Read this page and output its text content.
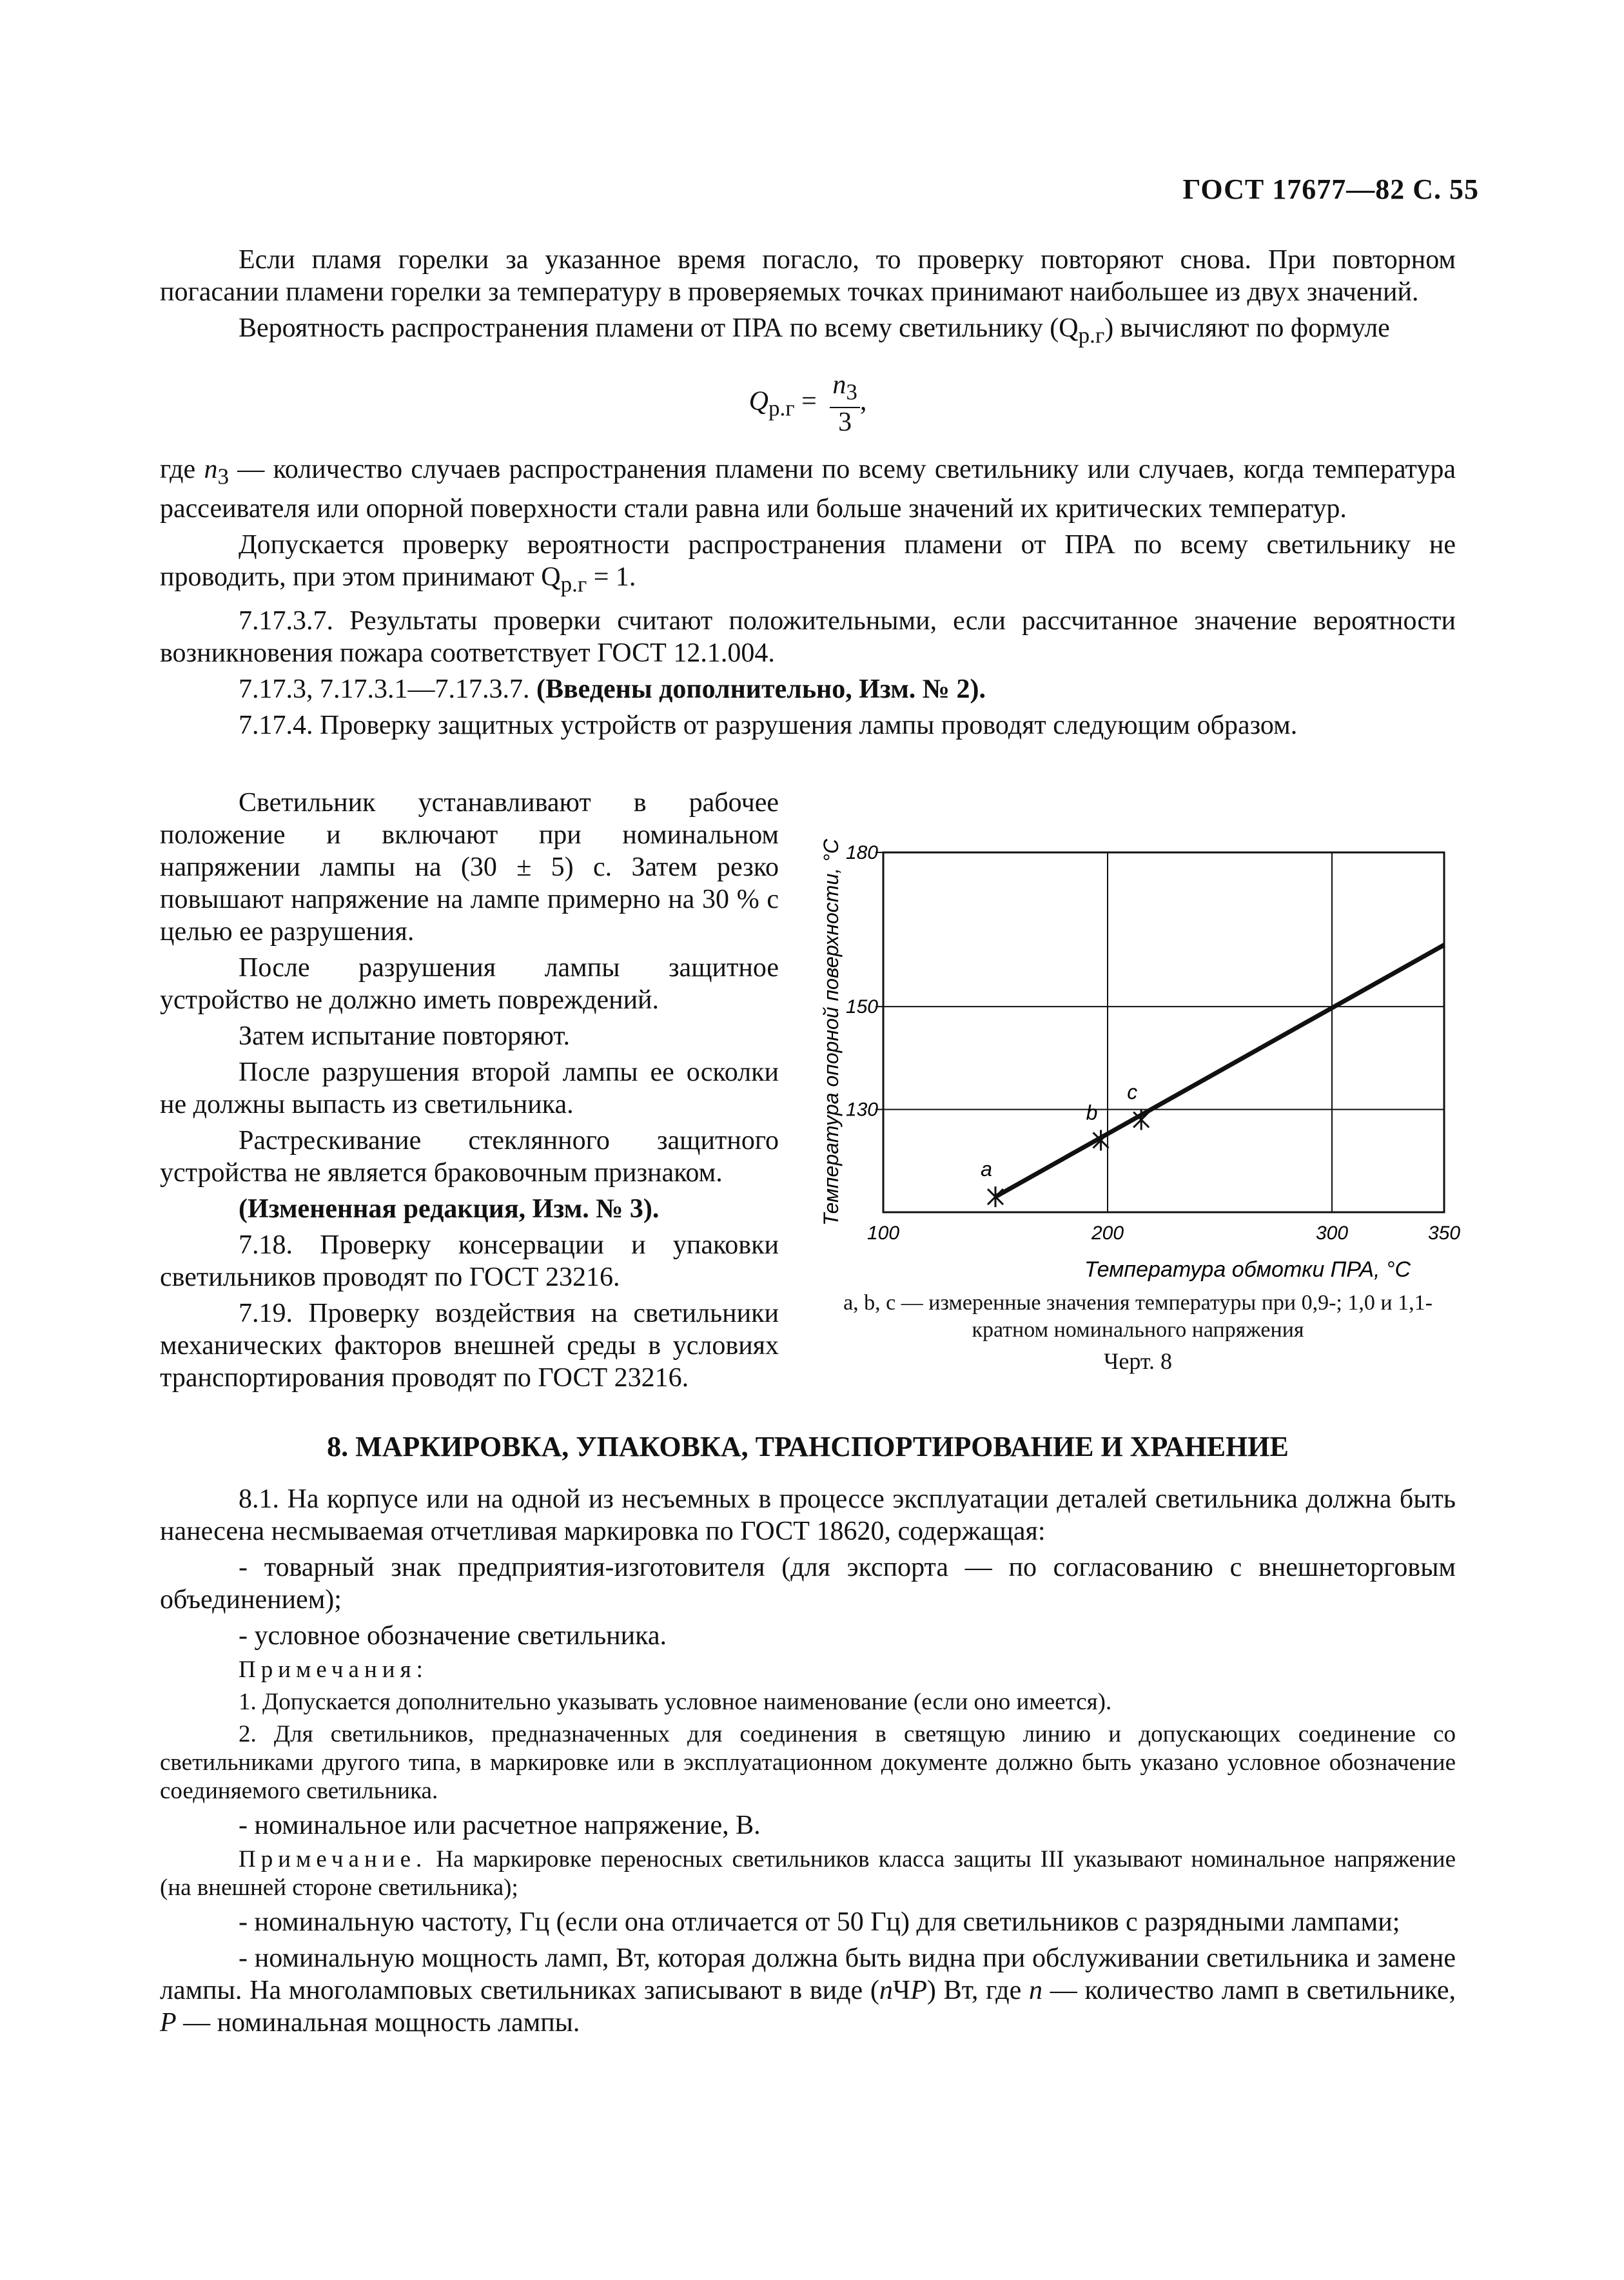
ГОСТ 17677—82 С. 55

Если пламя горелки за указанное время погасло, то проверку повторяют снова. При повторном погасании пламени горелки за температуру в проверяемых точках принимают наибольшее из двух значений.

Вероятность распространения пламени от ПРА по всему светильнику $(Q_{р.г})$ вычисляют по формуле

$Q_{р.г} = \frac{n_3}{3}$ ,

где $n_3$ — количество случаев распространения пламени по всему светильнику или случаев, когда температура рассеивателя или опорной поверхности стали равна или больше значений их критических температур.

Допускается проверку вероятности распространения пламени от ПРА по всему светильнику не проводить, при этом принимают $Q_{р.г} = 1$.

7.17.3.7. Результаты проверки считают положительными, если рассчитанное значение вероятности возникновения пожара соответствует ГОСТ 12.1.004.

7.17.3, 7.17.3.1—7.17.3.7. (Введены дополнительно, Изм. № 2).

7.17.4. Проверку защитных устройств от разрушения лампы проводят следующим образом.

Светильник устанавливают в рабочее положение и включают при номинальном напряжении лампы на (30 ± 5) с. Затем резко повышают напряжение на лампе примерно на 30 % с целью ее разрушения.

После разрушения лампы защитное устройство не должно иметь повреждений.

Затем испытание повторяют.

После разрушения второй лампы ее осколки не должны выпасть из светильника.

Растрескивание стеклянного защитного устройства не является браковочным признаком.

(Измененная редакция, Изм. № 3).

7.18. Проверку консервации и упаковки светильников проводят по ГОСТ 23216.

7.19. Проверку воздействия на светильники механических факторов внешней среды в условиях транспортирования проводят по ГОСТ 23216.

180
150
130
100	200	300	350
Температура обмотки ПРА, °С
Температура опорной поверхности, °С	a
b
c
a, b, c — измеренные значения температуры при 0,9-; 1,0 и 1,1-кратном номинального напряжения
Черт. 8
8. МАРКИРОВКА, УПАКОВКА, ТРАНСПОРТИРОВАНИЕ И ХРАНЕНИЕ

8.1. На корпусе или на одной из несъемных в процессе эксплуатации деталей светильника должна быть нанесена несмываемая отчетливая маркировка по ГОСТ 18620, содержащая:

- товарный знак предприятия-изготовителя (для экспорта — по согласованию с внешнеторговым объединением);

- условное обозначение светильника.

Примечания:

1. Допускается дополнительно указывать условное наименование (если оно имеется).

2. Для светильников, предназначенных для соединения в светящую линию и допускающих соединение со светильниками другого типа, в маркировке или в эксплуатационном документе должно быть указано условное обозначение соединяемого светильника.

- номинальное или расчетное напряжение, В.

Примечание. На маркировке переносных светильников класса защиты III указывают номинальное напряжение (на внешней стороне светильника);

- номинальную частоту, Гц (если она отличается от 50 Гц) для светильников с разрядными лампами;

- номинальную мощность ламп, Вт, которая должна быть видна при обслуживании светильника и замене лампы. На многоламповых светильниках записывают в виде (nЧP) Вт, где n — количество ламп в светильнике, P — номинальная мощность лампы.
